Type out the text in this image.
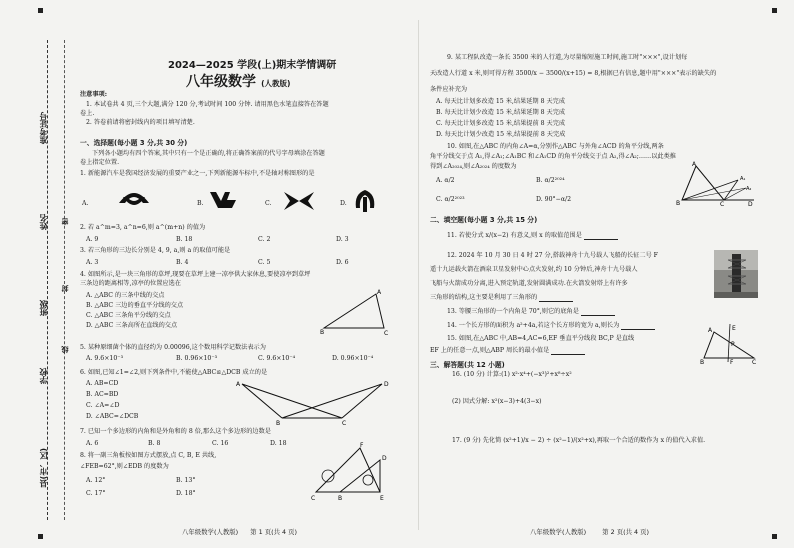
准考证号
姓名
班级
学校
县(市、区)
密
封
线
2024—2025 学段(上)期末学情调研
八年级数学 (人教版)
注意事项:
1. 本试卷共 4 页,三个大题,满分 120 分,考试时间 100 分钟. 请用黑色水笔直接答在答题
卷上.
2. 答卷前请将密封线内的项目填写清楚.
一、选择题(每小题 3 分,共 30 分)
下列各小题均有四个答案,其中只有一个是正确的,将正确答案前的代号字母填涂在答题
卷上指定位置.
1. 新能源汽车是我国经济发展的重要产业之一,下列新能源车标中,不是轴对称图形的是
A.	B.	C.	D.
2. 若 a^m=3, a^n=6,则 a^(m+n) 的值为
A. 9	B. 18	C. 2	D. 3
3. 若三角形的三边长分别是 4, 9, a,则 a 的取值可能是
A. 3	B. 4	C. 5	D. 6
4. 如图所示,是一块三角形的草坪,现要在草坪上建一凉亭供大家休息,要使凉亭到草坪
三条边的距离相等,凉亭的位置应选在
A. △ABC 的三条中线的交点
B. △ABC 三边的垂直平分线的交点
C. △ABC 三条角平分线的交点
D. △ABC 三条高所在直线的交点
B	C
A
5. 某种原细菌个体的直径约为 0.00096,这个数用科学记数法表示为
A. 9.6×10⁻³	B. 0.96×10⁻³	C. 9.6×10⁻⁴	D. 0.96×10⁻⁴
6. 如图,已知∠1=∠2,则下列条件中,不能使△ABC≌△DCB 成立的是
A. AB=CD
B. AC=BD
C. ∠A=∠D
D. ∠ABC=∠DCB
A	D
B	C
7. 已知一个多边形的内角和是外角和的 8 倍,那么这个多边形的边数是
A. 6	B. 8	C. 16	D. 18
8. 将一副三角板按如图方式摆放,点 C, B, E 共线,
∠FEB=62°,则∠EDB 的度数为
A. 12°	B. 13°
C. 17°	D. 18°
F
C	B	E
D
八年级数学(人教版) 第 1 页(共 4 页)
9. 某工程队改造一条长 3500 米的人行道,为尽量缩短施工时间,施工时"×××",设计划每
天改造人行道 x 米,则可得方程 3500/x − 3500/(x+15) = 8,根据已有信息,题中用"×××"表示的缺失的
条件应补充为
A. 每天比计划多改造 15 米,结果延期 8 天完成
B. 每天比计划少改造 15 米,结果延期 8 天完成
C. 每天比计划多改造 15 米,结果提前 8 天完成
D. 每天比计划少改造 15 米,结果提前 8 天完成
10. 如图,在△ABC 的内角∠A=α,分别作△ABC 与外角∠ACD 的角平分线,两条
角平分线交于点 A₁,得∠A₁;∠A₁BC 和∠A₁CD 的角平分线交于点 A₂,得∠A₂;……以此类推
得到∠A₂₀₂₄,则∠A₂₀₂₄ 的度数为
A. α/2	B. α/2²⁰²⁴
C. α/2²⁰²³	D. 90°−α/2
A
B	C	D
A₁
A₂
二、填空题(每小题 3 分,共 15 分)
11. 若使分式 x/(x−2) 有意义,则 x 的取值范围是
12. 2024 年 10 月 30 日 4 时 27 分,搭载神舟十九号载人飞船的长征二号 F
遥十九运载火箭在酒泉卫星发射中心点火发射,约 10 分钟后,神舟十九号载人
飞船与火箭成功分离,进入预定轨道,发射圆满成功.在火箭发射塔上有许多
三角形的结构,这主要是利用了三角形的
13. 等腰三角形的一个内角是 70°,则它的底角是
14. 一个长方形的面积为 a²+4a,若这个长方形的宽为 a,则长为
15. 如图,在△ABC 中,AB=4,AC=6,EF 垂直平分线段 BC,P 是直线
EF 上的任意一点,则△ABP 周长的最小值是
A	E
P
B	C
F
三、解答题(共 12 小题)
16. (10 分) 计算:(1) x²·x⁴+(−x³)²+x⁸÷x²
(2) 因式分解: x²(x−3)+4(3−x)
17. (9 分) 先化简 (x²+1)/x − 2) ÷ (x²−1)/(x²+x),再取一个合适的数作为 x 的值代入求值.
八年级数学(人教版)	第 2 页(共 4 页)
